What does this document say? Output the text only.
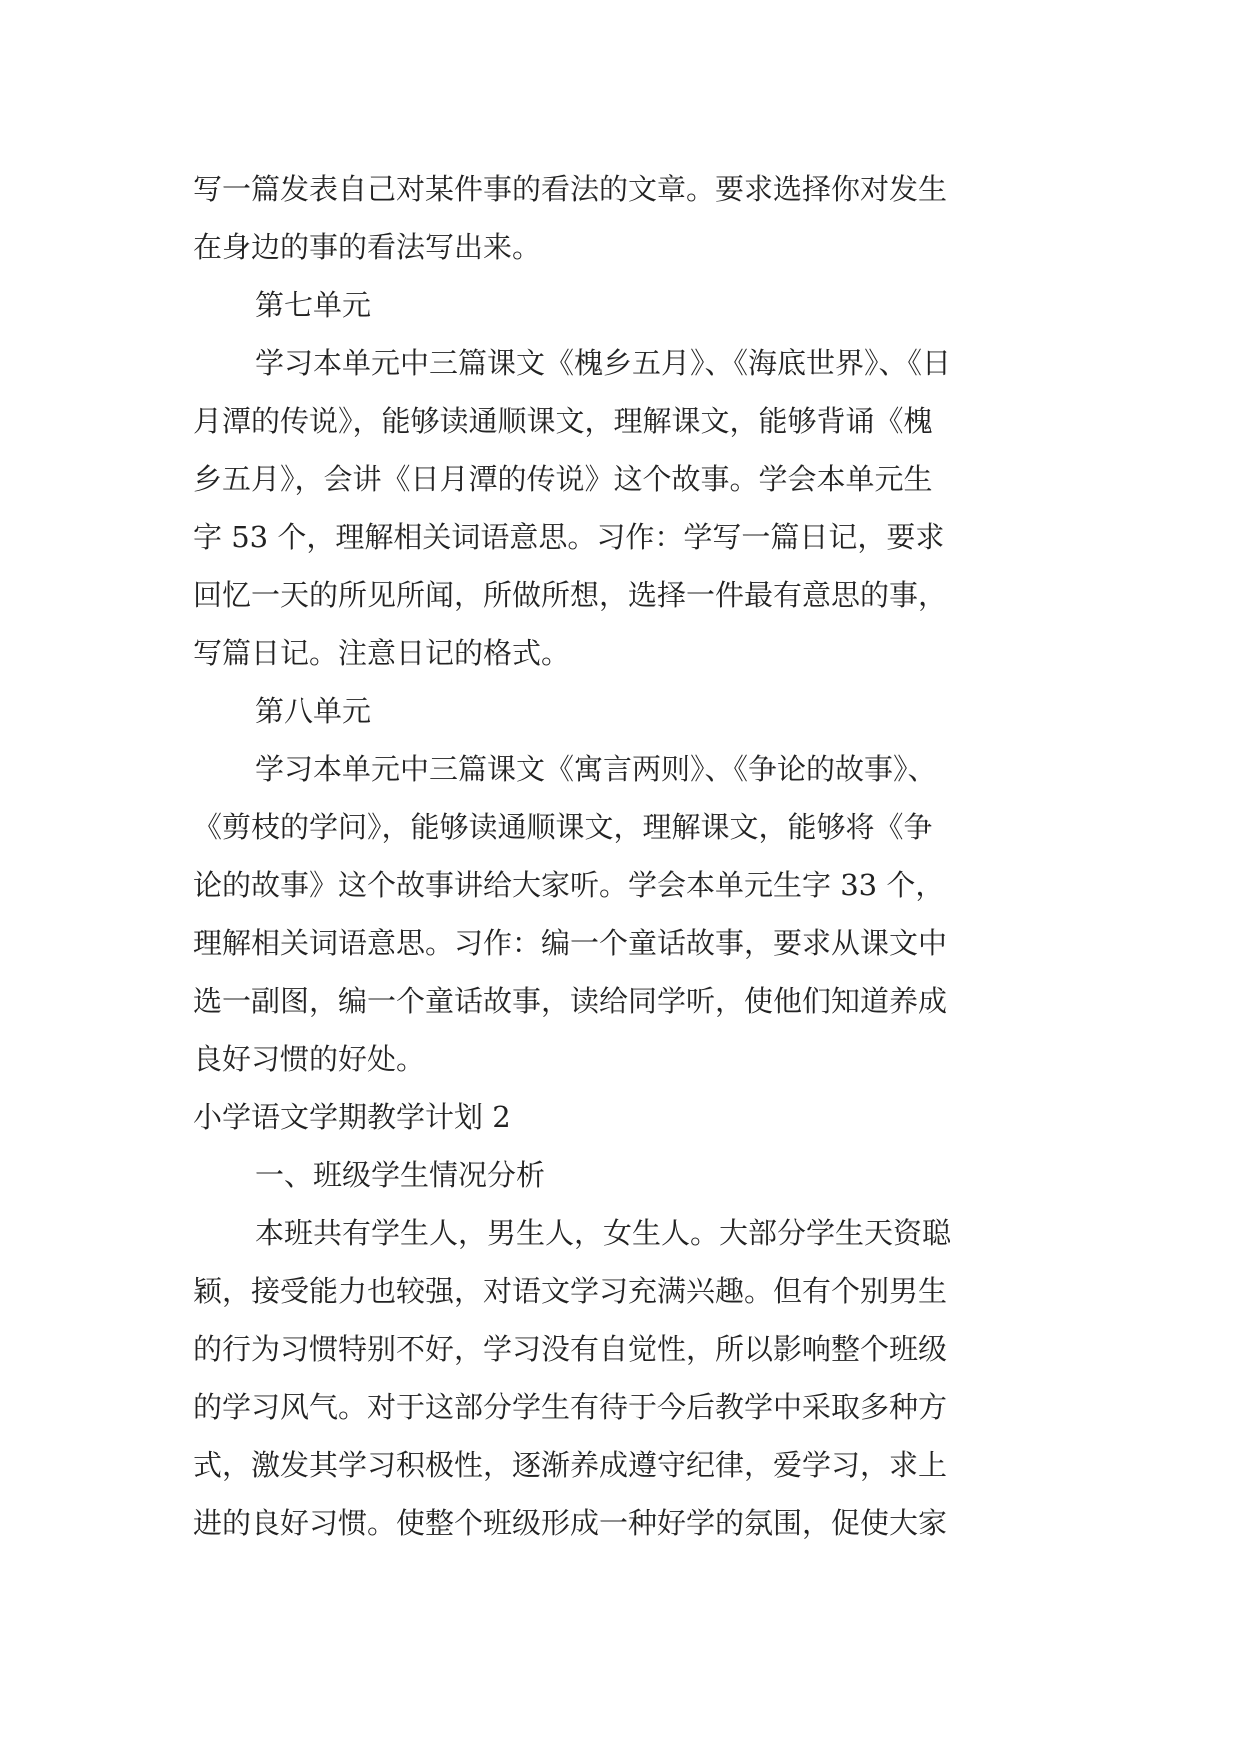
写一篇发表自己对某件事的看法的文章。要求选择你对发生
在身边的事的看法写出来。
第七单元
学习本单元中三篇课文《槐乡五月》、《海底世界》、《日
月潭的传说》，能够读通顺课文，理解课文，能够背诵《槐
乡五月》，会讲《日月潭的传说》这个故事。学会本单元生
字 53 个，理解相关词语意思。习作：学写一篇日记，要求
回忆一天的所见所闻，所做所想，选择一件最有意思的事，
写篇日记。注意日记的格式。
第八单元
学习本单元中三篇课文《寓言两则》、《争论的故事》、
《剪枝的学问》，能够读通顺课文，理解课文，能够将《争
论的故事》这个故事讲给大家听。学会本单元生字 33 个，
理解相关词语意思。习作：编一个童话故事，要求从课文中
选一副图，编一个童话故事，读给同学听，使他们知道养成
良好习惯的好处。
小学语文学期教学计划 2
一、班级学生情况分析
本班共有学生人，男生人，女生人。大部分学生天资聪
颖，接受能力也较强，对语文学习充满兴趣。但有个别男生
的行为习惯特别不好，学习没有自觉性，所以影响整个班级
的学习风气。对于这部分学生有待于今后教学中采取多种方
式，激发其学习积极性，逐渐养成遵守纪律，爱学习，求上
进的良好习惯。使整个班级形成一种好学的氛围，促使大家
